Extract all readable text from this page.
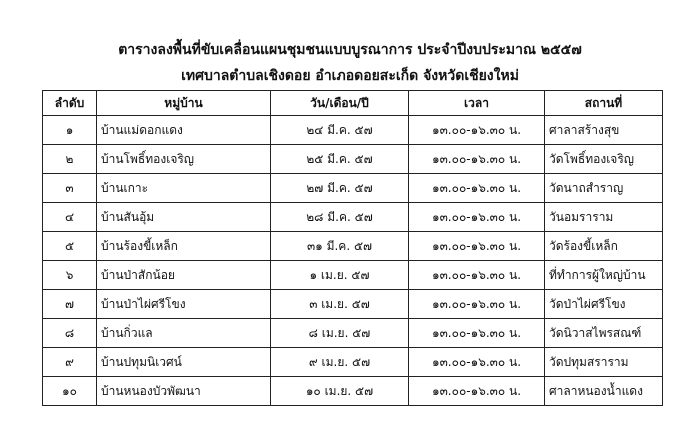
ตารางลงพื้นที่ขับเคลื่อนแผนชุมชนแบบบูรณาการ ประจำปีงบประมาณ ๒๕๕๗
เทศบาลตำบลเชิงดอย อำเภอดอยสะเก็ด จังหวัดเชียงใหม่
ลำดับ	หมู่บ้าน	วัน/เดือน/ปี	เวลา	สถานที่
๑	บ้านแม่ดอกแดง	๒๔ มี.ค. ๕๗	๑๓.๐๐-๑๖.๓๐ น.	ศาลาสร้างสุข
๒	บ้านโพธิ์ทองเจริญ	๒๕ มี.ค. ๕๗	๑๓.๐๐-๑๖.๓๐ น.	วัดโพธิ์ทองเจริญ
๓	บ้านเกาะ	๒๗ มี.ค. ๕๗	๑๓.๐๐-๑๖.๓๐ น.	วัดนาถสำราญ
๔	บ้านสันอุ้ม	๒๘ มี.ค. ๕๗	๑๓.๐๐-๑๖.๓๐ น.	วันอมราราม
๕	บ้านร้องขี้เหล็ก	๓๑ มี.ค. ๕๗	๑๓.๐๐-๑๖.๓๐ น.	วัดร้องขี้เหล็ก
๖	บ้านป่าสักน้อย	๑ เม.ย. ๕๗	๑๓.๐๐-๑๖.๓๐ น.	ที่ทำการผู้ใหญ่บ้าน
๗	บ้านป่าไผ่ศรีโขง	๓ เม.ย. ๕๗	๑๓.๐๐-๑๖.๓๐ น.	วัดป่าไผ่ศรีโขง
๘	บ้านกิ่วแล	๘ เม.ย. ๕๗	๑๓.๐๐-๑๖.๓๐ น.	วัดนิวาสไพรสณฑ์
๙	บ้านปทุมนิเวศน์	๙ เม.ย. ๕๗	๑๓.๐๐-๑๖.๓๐ น.	วัดปทุมสราราม
๑๐	บ้านหนองบัวพัฒนา	๑๐ เม.ย. ๕๗	๑๓.๐๐-๑๖.๓๐ น.	ศาลาหนองน้ำแดง
